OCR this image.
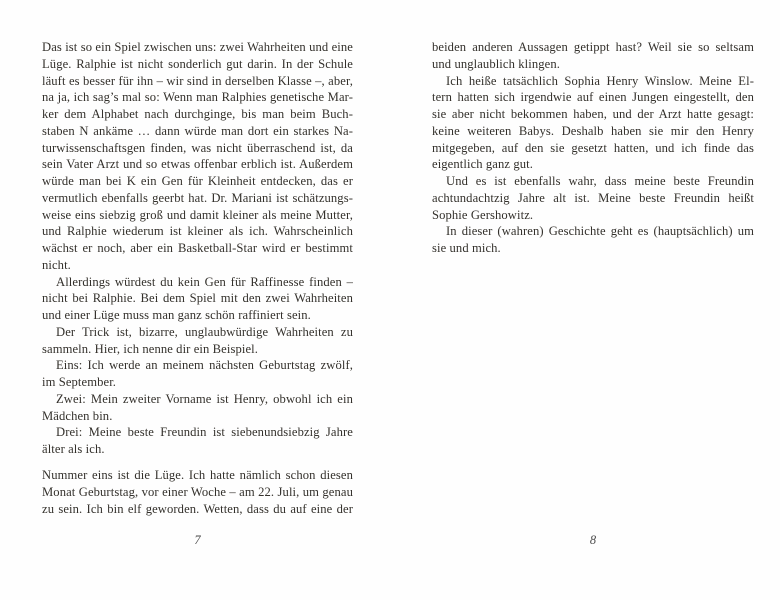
Das ist so ein Spiel zwischen uns: zwei Wahrheiten und eine
Lüge. Ralphie ist nicht sonderlich gut darin. In der Schule
läuft es besser für ihn – wir sind in derselben Klasse –, aber,
na ja, ich sag’s mal so: Wenn man Ralphies genetische Mar-
ker dem Alphabet nach durchginge, bis man beim Buch-
staben N ankäme … dann würde man dort ein starkes Na-
turwissenschaftsgen finden, was nicht überraschend ist, da
sein Vater Arzt und so etwas offenbar erblich ist. Außerdem
würde man bei K ein Gen für Kleinheit entdecken, das er
vermutlich ebenfalls geerbt hat. Dr. Mariani ist schätzungs-
weise eins siebzig groß und damit kleiner als meine Mutter,
und Ralphie wiederum ist kleiner als ich. Wahrscheinlich
wächst er noch, aber ein Basketball-Star wird er bestimmt
nicht.
Allerdings würdest du kein Gen für Raffinesse finden –
nicht bei Ralphie. Bei dem Spiel mit den zwei Wahrheiten
und einer Lüge muss man ganz schön raffiniert sein.
Der Trick ist, bizarre, unglaubwürdige Wahrheiten zu
sammeln. Hier, ich nenne dir ein Beispiel.
Eins: Ich werde an meinem nächsten Geburtstag zwölf,
im September.
Zwei: Mein zweiter Vorname ist Henry, obwohl ich ein
Mädchen bin.
Drei: Meine beste Freundin ist siebenundsiebzig Jahre
älter als ich.
Nummer eins ist die Lüge. Ich hatte nämlich schon diesen
Monat Geburtstag, vor einer Woche – am 22. Juli, um genau
zu sein. Ich bin elf geworden. Wetten, dass du auf eine der
beiden anderen Aussagen getippt hast? Weil sie so seltsam
und unglaublich klingen.
Ich heiße tatsächlich Sophia Henry Winslow. Meine El-
tern hatten sich irgendwie auf einen Jungen eingestellt, den
sie aber nicht bekommen haben, und der Arzt hatte gesagt:
keine weiteren Babys. Deshalb haben sie mir den Henry
mitgegeben, auf den sie gesetzt hatten, und ich finde das
eigentlich ganz gut.
Und es ist ebenfalls wahr, dass meine beste Freundin
achtundachtzig Jahre alt ist. Meine beste Freundin heißt
Sophie Gershowitz.
In dieser (wahren) Geschichte geht es (hauptsächlich) um
sie und mich.
7	8
